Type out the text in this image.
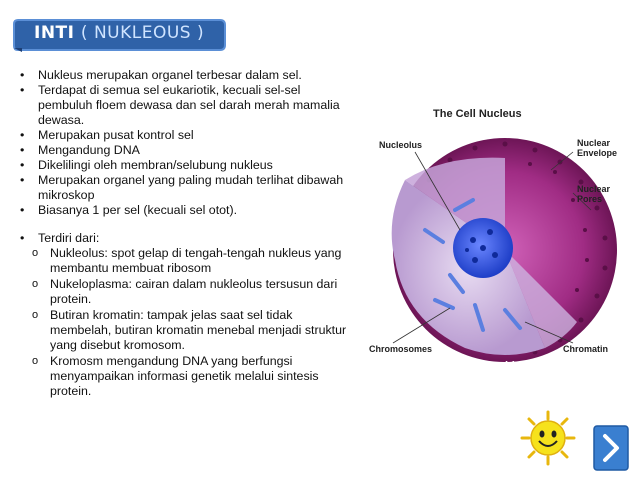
INTI ( NUKLEOUS )
• Nukleus merupakan organel terbesar dalam sel.
• Terdapat di semua sel eukariotik, kecuali sel-sel pembuluh floem dewasa dan sel darah merah mamalia dewasa.
• Merupakan pusat kontrol sel
• Mengandung DNA
• Dikelilingi oleh membran/selubung nukleus
• Merupakan organel yang paling mudah terlihat dibawah mikroskop
• Biasanya 1 per sel (kecuali sel otot).
• Terdiri dari:
o Nukleolus: spot gelap di tengah-tengah nukleus yang membantu membuat ribosom
o Nukeloplasma: cairan dalam nukleolus tersusun dari protein.
o Butiran kromatin: tampak jelas saat sel tidak membelah, butiran kromatin menebal menjadi struktur yang disebut kromosom.
o Kromosm mengandung DNA yang berfungsi menyampaikan informasi genetik melalui sintesis protein.
The Cell Nucleus
Nucleolus	Nuclear Envelope
Nuclear Pores
Chromosomes	Chromatin
biologi media centre
